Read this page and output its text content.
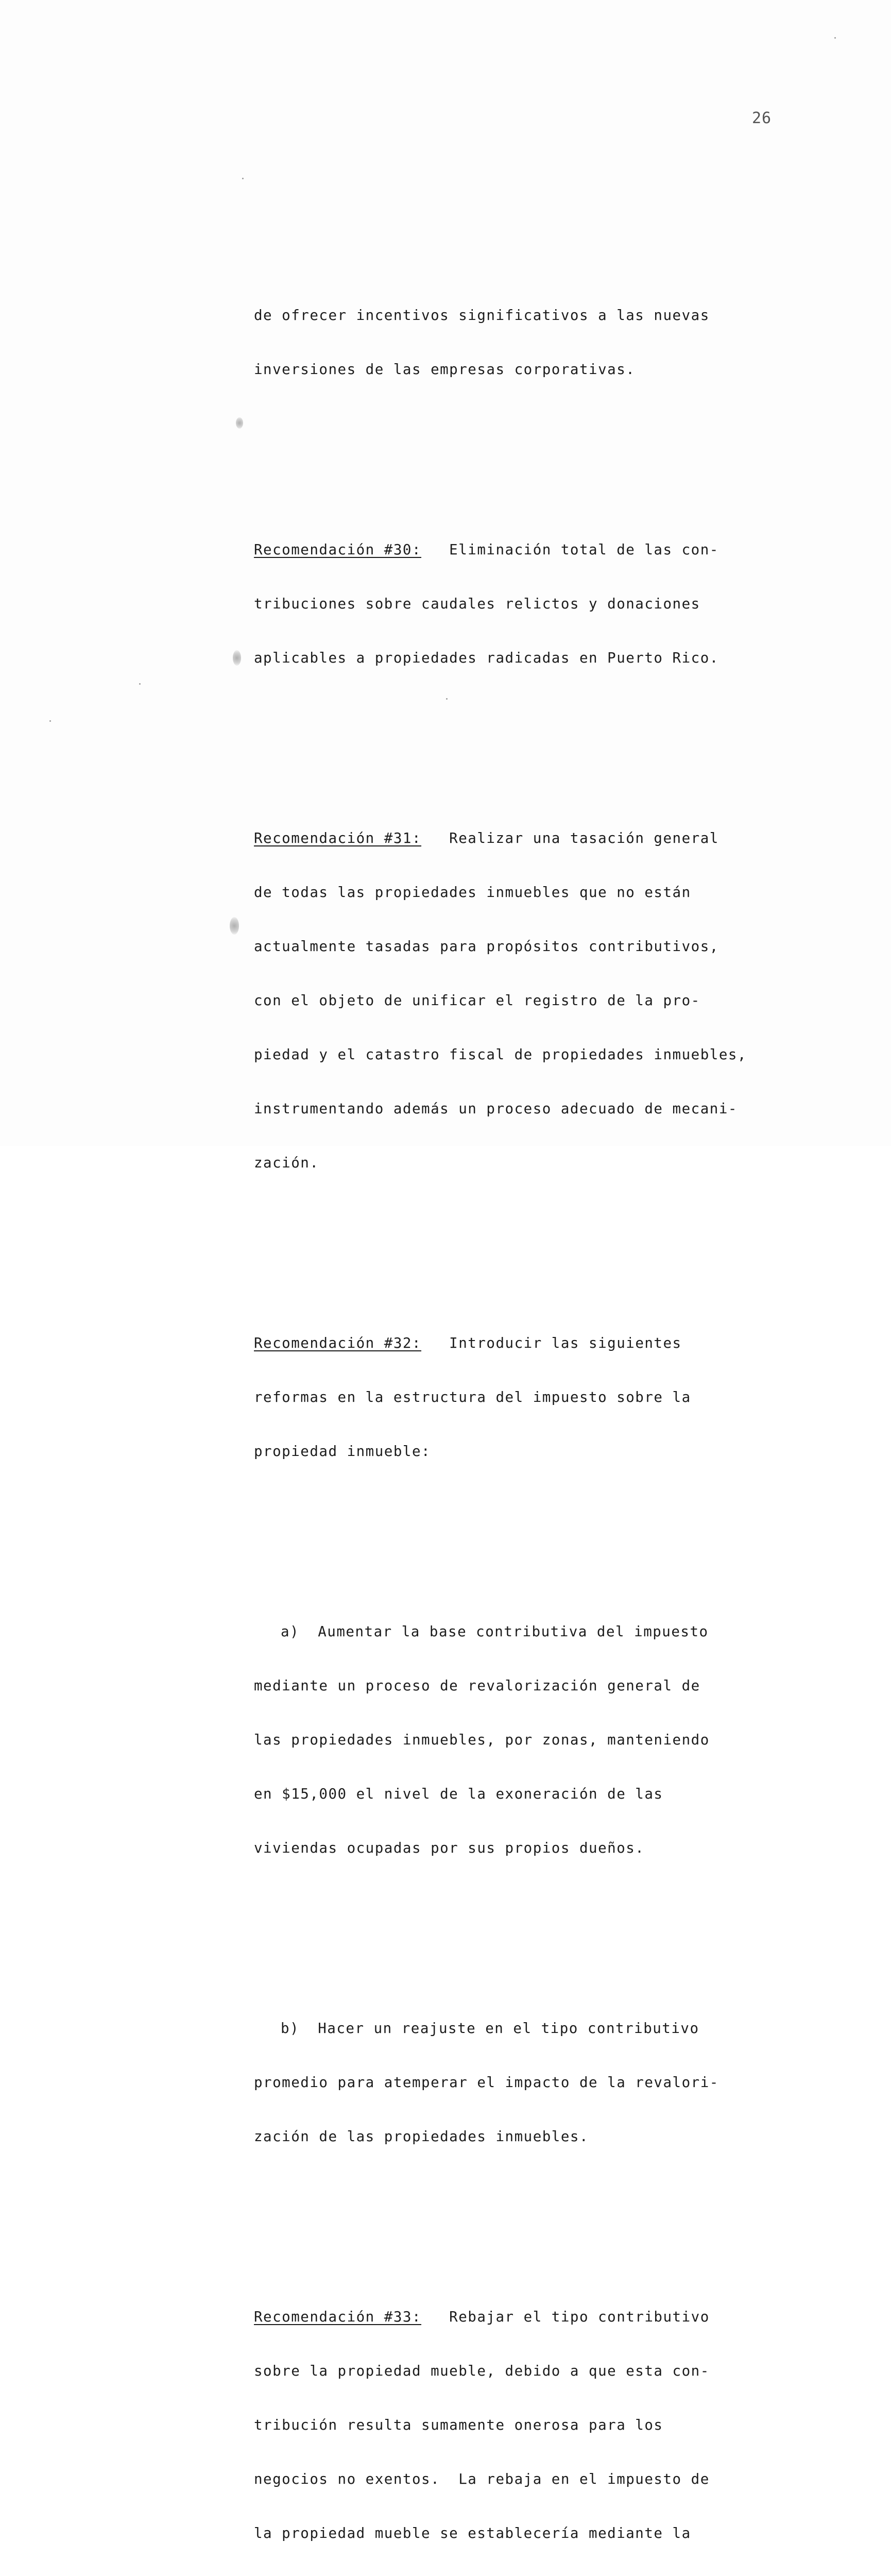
26

de ofrecer incentivos significativos a las nuevas

inversiones de las empresas corporativas.

Recomendación #30:   Eliminación total de las con-

tribuciones sobre caudales relictos y donaciones

aplicables a propiedades radicadas en Puerto Rico.

Recomendación #31:   Realizar una tasación general

de todas las propiedades inmuebles que no están

actualmente tasadas para propósitos contributivos,

con el objeto de unificar el registro de la pro-

piedad y el catastro fiscal de propiedades inmuebles,

instrumentando además un proceso adecuado de mecani-

zación.

Recomendación #32:   Introducir las siguientes

reformas en la estructura del impuesto sobre la

propiedad inmueble:

a)  Aumentar la base contributiva del impuesto

mediante un proceso de revalorización general de

las propiedades inmuebles, por zonas, manteniendo

en $15,000 el nivel de la exoneración de las

viviendas ocupadas por sus propios dueños.

b)  Hacer un reajuste en el tipo contributivo

promedio para atemperar el impacto de la revalori-

zación de las propiedades inmuebles.

Recomendación #33:   Rebajar el tipo contributivo

sobre la propiedad mueble, debido a que esta con-

tribución resulta sumamente onerosa para los

negocios no exentos.  La rebaja en el impuesto de

la propiedad mueble se establecería mediante la
